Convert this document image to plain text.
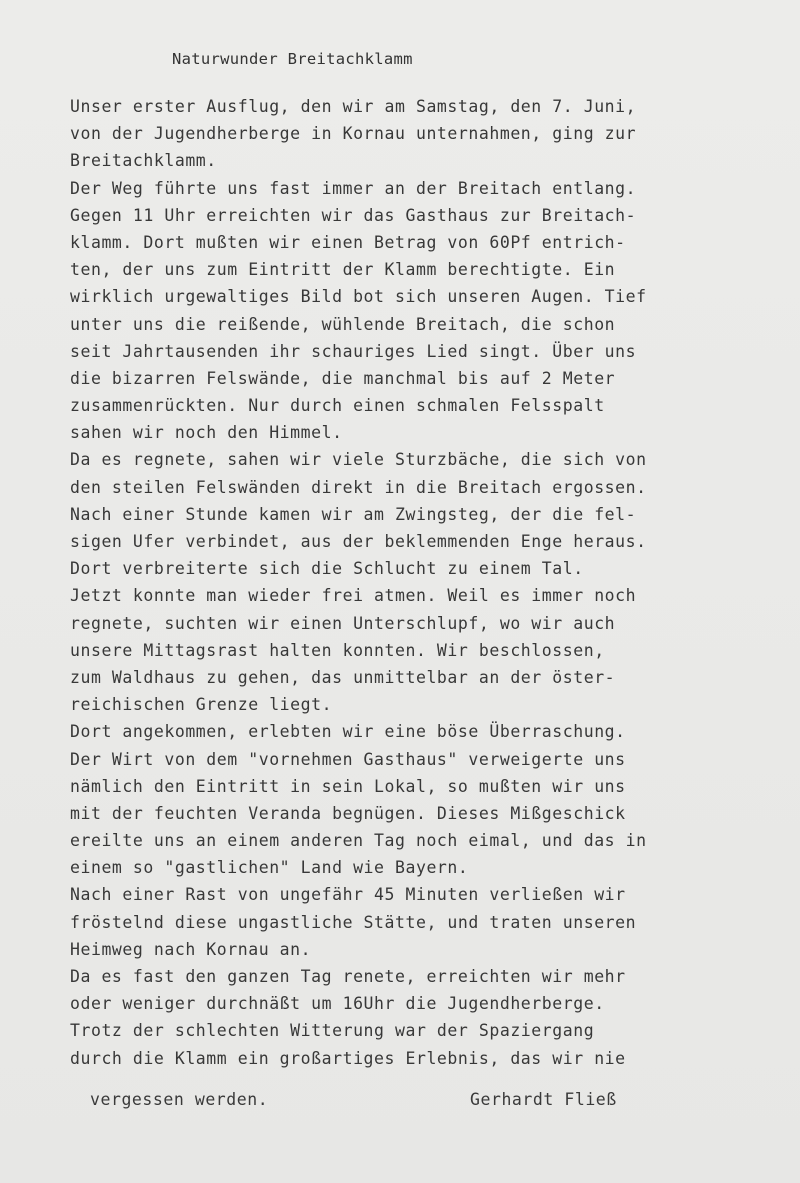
Naturwunder Breitachklamm
Unser erster Ausflug, den wir am Samstag, den 7. Juni,
von der Jugendherberge in Kornau unternahmen, ging zur
Breitachklamm.
Der Weg führte uns fast immer an der Breitach entlang.
Gegen 11 Uhr erreichten wir das Gasthaus zur Breitach-
klamm. Dort mußten wir einen Betrag von 60Pf entrich-
ten, der uns zum Eintritt der Klamm berechtigte. Ein
wirklich urgewaltiges Bild bot sich unseren Augen. Tief
unter uns die reißende, wühlende Breitach, die schon
seit Jahrtausenden ihr schauriges Lied singt. Über uns
die bizarren Felswände, die manchmal bis auf 2 Meter
zusammenrückten. Nur durch einen schmalen Felsspalt
sahen wir noch den Himmel.
Da es regnete, sahen wir viele Sturzbäche, die sich von
den steilen Felswänden direkt in die Breitach ergossen.
Nach einer Stunde kamen wir am Zwingsteg, der die fel-
sigen Ufer verbindet, aus der beklemmenden Enge heraus.
Dort verbreiterte sich die Schlucht zu einem Tal.
Jetzt konnte man wieder frei atmen. Weil es immer noch
regnete, suchten wir einen Unterschlupf, wo wir auch
unsere Mittagsrast halten konnten. Wir beschlossen,
zum Waldhaus zu gehen, das unmittelbar an der öster-
reichischen Grenze liegt.
Dort angekommen, erlebten wir eine böse Überraschung.
Der Wirt von dem "vornehmen Gasthaus" verweigerte uns
nämlich den Eintritt in sein Lokal, so mußten wir uns
mit der feuchten Veranda begnügen. Dieses Mißgeschick
ereilte uns an einem anderen Tag noch eimal, und das in
einem so "gastlichen" Land wie Bayern.
Nach einer Rast von ungefähr 45 Minuten verließen wir
fröstelnd diese ungastliche Stätte, und traten unseren
Heimweg nach Kornau an.
Da es fast den ganzen Tag renete, erreichten wir mehr
oder weniger durchnäßt um 16Uhr die Jugendherberge.
Trotz der schlechten Witterung war der Spaziergang
durch die Klamm ein großartiges Erlebnis, das wir nie
vergessen werden.	Gerhardt Fließ
